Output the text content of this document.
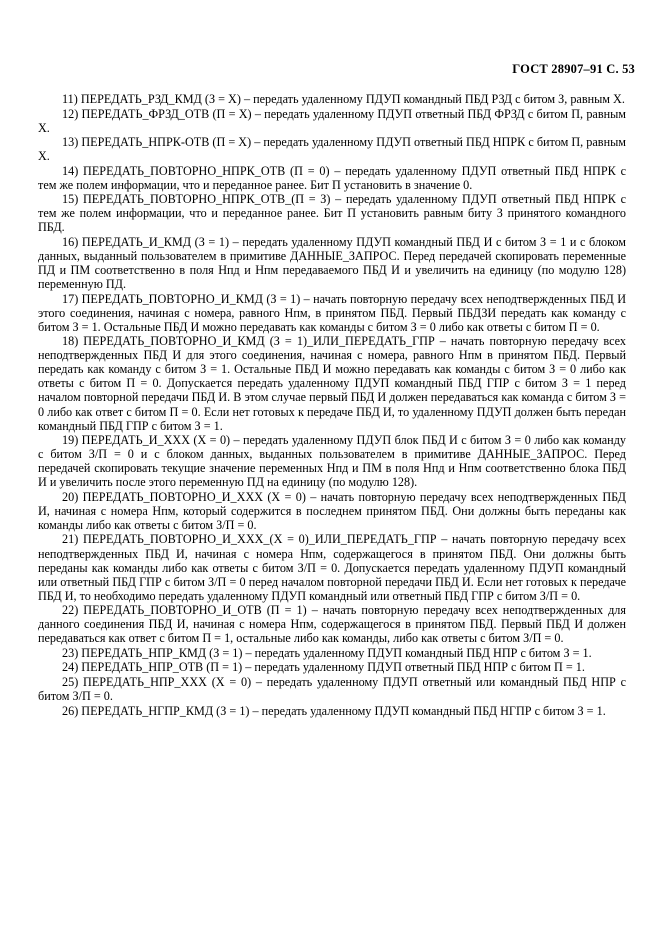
ГОСТ 28907–91 С. 53

11) ПЕРЕДАТЬ_РЗД_КМД (З = Х) – передать удаленному ПДУП командный ПБД РЗД с битом З, равным Х.

12) ПЕРЕДАТЬ_ФРЗД_ОТВ (П = Х) – передать удаленному ПДУП ответный ПБД ФРЗД с битом П, равным Х.

13) ПЕРЕДАТЬ_НПРК-ОТВ (П = Х) – передать удаленному ПДУП ответный ПБД НПРК с битом П, равным Х.

14) ПЕРЕДАТЬ_ПОВТОРНО_НПРК_ОТВ (П = 0) – передать удаленному ПДУП ответный ПБД НПРК с тем же полем информации, что и переданное ранее. Бит П установить в значение 0.

15) ПЕРЕДАТЬ_ПОВТОРНО_НПРК_ОТВ_(П = З) – передать удаленному ПДУП ответный ПБД НПРК с тем же полем информации, что и переданное ранее. Бит П установить равным биту З принятого командного ПБД.

16) ПЕРЕДАТЬ_И_КМД (З = 1) – передать удаленному ПДУП командный ПБД И с битом З = 1 и с блоком данных, выданный пользователем в примитиве ДАННЫЕ_ЗАПРОС. Перед передачей скопировать переменные ПД и ПМ соответственно в поля Нпд и Нпм передаваемого ПБД И и увеличить на единицу (по модулю 128) переменную ПД.

17) ПЕРЕДАТЬ_ПОВТОРНО_И_КМД (З = 1) – начать повторную передачу всех неподтвержденных ПБД И этого соединения, начиная с номера, равного Нпм, в принятом ПБД. Первый ПБДЗИ передать как команду с битом З = 1. Остальные ПБД И можно передавать как команды с битом З = 0 либо как ответы с битом П = 0.

18) ПЕРЕДАТЬ_ПОВТОРНО_И_КМД (З = 1)_ИЛИ_ПЕРЕДАТЬ_ГПР – начать повторную передачу всех неподтвержденных ПБД И для этого соединения, начиная с номера, равного Нпм в принятом ПБД. Первый передать как команду с битом З = 1. Остальные ПБД И можно передавать как команды с битом З = 0 либо как ответы с битом П = 0. Допускается передать удаленному ПДУП командный ПБД ГПР с битом З = 1 перед началом повторной передачи ПБД И. В этом случае первый ПБД И должен передаваться как команда с битом З = 0 либо как ответ с битом П = 0. Если нет готовых к передаче ПБД И, то удаленному ПДУП должен быть передан командный ПБД ГПР с битом З = 1.

19) ПЕРЕДАТЬ_И_ХХХ (Х = 0) – передать удаленному ПДУП блок ПБД И с битом З = 0 либо как команду с битом З/П = 0 и с блоком данных, выданных пользователем в примитиве ДАННЫЕ_ЗАПРОС. Перед передачей скопировать текущие значение переменных Нпд и ПМ в поля Нпд и Нпм соответственно блока ПБД И и увеличить после этого переменную ПД на единицу (по модулю 128).

20) ПЕРЕДАТЬ_ПОВТОРНО_И_ХХХ (Х = 0) – начать повторную передачу всех неподтвержденных ПБД И, начиная с номера Нпм, который содержится в последнем принятом ПБД. Они должны быть переданы как команды либо как ответы с битом З/П = 0.

21) ПЕРЕДАТЬ_ПОВТОРНО_И_ХХХ_(Х = 0)_ИЛИ_ПЕРЕДАТЬ_ГПР – начать повторную передачу всех неподтвержденных ПБД И, начиная с номера Нпм, содержащегося в принятом ПБД. Они должны быть переданы как команды либо как ответы с битом З/П = 0. Допускается передать удаленному ПДУП командный или ответный ПБД ГПР с битом З/П = 0 перед началом повторной передачи ПБД И. Если нет готовых к передаче ПБД И, то необходимо передать удаленному ПДУП командный или ответный ПБД ГПР с битом З/П = 0.

22) ПЕРЕДАТЬ_ПОВТОРНО_И_ОТВ (П = 1) – начать повторную передачу всех неподтвержденных для данного соединения ПБД И, начиная с номера Нпм, содержащегося в принятом ПБД. Первый ПБД И должен передаваться как ответ с битом П = 1, остальные либо как команды, либо как ответы с битом З/П = 0.

23) ПЕРЕДАТЬ_НПР_КМД (З = 1) – передать удаленному ПДУП командный ПБД НПР с битом З = 1.

24) ПЕРЕДАТЬ_НПР_ОТВ (П = 1) – передать удаленному ПДУП ответный ПБД НПР с битом П = 1.

25) ПЕРЕДАТЬ_НПР_ХХХ (Х = 0) – передать удаленному ПДУП ответный или командный ПБД НПР с битом З/П = 0.

26) ПЕРЕДАТЬ_НГПР_КМД (З = 1) – передать удаленному ПДУП командный ПБД НГПР с битом З = 1.
